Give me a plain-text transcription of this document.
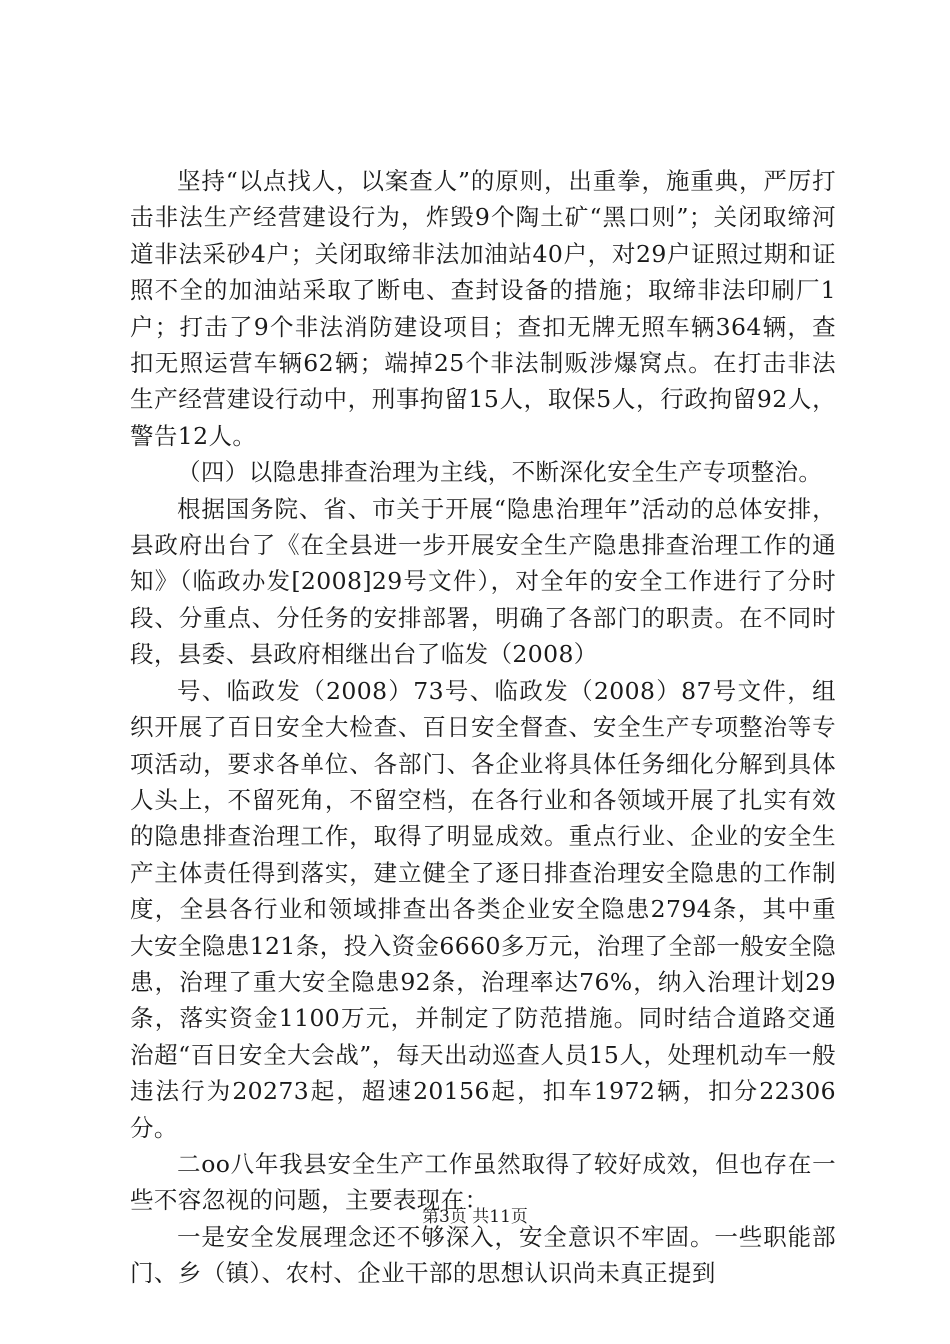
坚持“以点找人，以案查人”的原则，出重拳，施重典，严厉打击非法生产经营建设行为，炸毁9个陶土矿“黑口则”；关闭取缔河道非法采砂4户；关闭取缔非法加油站40户，对29户证照过期和证照不全的加油站采取了断电、查封设备的措施；取缔非法印刷厂1户；打击了9个非法消防建设项目；查扣无牌无照车辆364辆，查扣无照运营车辆62辆；端掉25个非法制贩涉爆窝点。在打击非法生产经营建设行动中，刑事拘留15人，取保5人，行政拘留92人，警告12人。

（四）以隐患排查治理为主线，不断深化安全生产专项整治。

根据国务院、省、市关于开展“隐患治理年”活动的总体安排，县政府出台了《在全县进一步开展安全生产隐患排查治理工作的通知》（临政办发[2008]29号文件），对全年的安全工作进行了分时段、分重点、分任务的安排部署，明确了各部门的职责。在不同时段，县委、县政府相继出台了临发（2008）

号、临政发（2008）73号、临政发（2008）87号文件，组织开展了百日安全大检查、百日安全督查、安全生产专项整治等专项活动，要求各单位、各部门、各企业将具体任务细化分解到具体人头上，不留死角，不留空档，在各行业和各领域开展了扎实有效的隐患排查治理工作，取得了明显成效。重点行业、企业的安全生产主体责任得到落实，建立健全了逐日排查治理安全隐患的工作制度，全县各行业和领域排查出各类企业安全隐患2794条，其中重大安全隐患121条，投入资金6660多万元，治理了全部一般安全隐患，治理了重大安全隐患92条，治理率达76%，纳入治理计划29条，落实资金1100万元，并制定了防范措施。同时结合道路交通治超“百日安全大会战”，每天出动巡查人员15人，处理机动车一般违法行为20273起，超速20156起，扣车1972辆，扣分22306分。

二oo八年我县安全生产工作虽然取得了较好成效，但也存在一些不容忽视的问题，主要表现在：

一是安全发展理念还不够深入，安全意识不牢固。一些职能部门、乡（镇）、农村、企业干部的思想认识尚未真正提到

第3页 共11页
